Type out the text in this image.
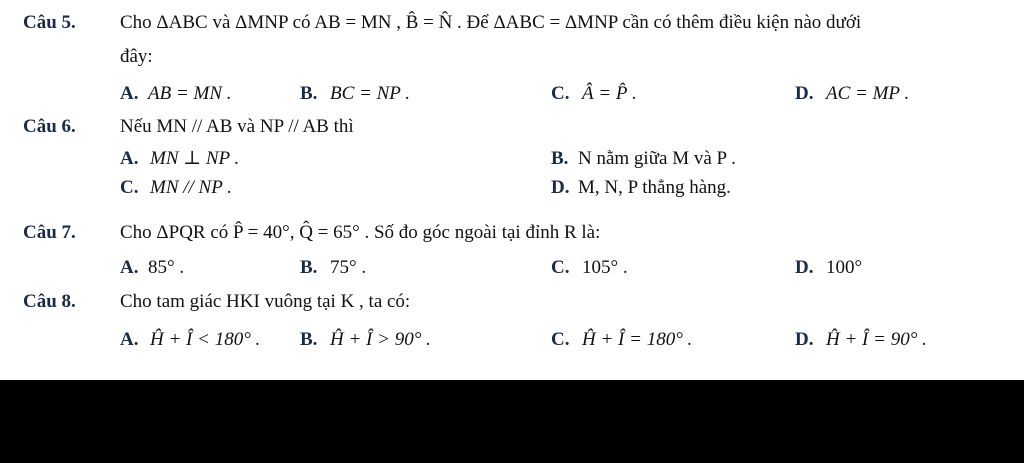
Câu 5. Cho ΔABC và ΔMNP có AB = MN , B̂ = N̂ . Để ΔABC = ΔMNP cần có thêm điều kiện nào dưới
đây:
A. AB = MN .	B. BC = NP .	C. Â = P̂ .	D. AC = MP .
Câu 6. Nếu MN // AB và NP // AB thì
A. MN ⊥ NP .	B. N nằm giữa M và P .
C. MN // NP .	D. M, N, P thẳng hàng.
Câu 7. Cho ΔPQR có P̂ = 40°, Q̂ = 65° . Số đo góc ngoài tại đỉnh R là:
A. 85° .	B. 75° .	C. 105° .	D. 100°
Câu 8. Cho tam giác HKI vuông tại K , ta có:
A. Ĥ + Î < 180° . B. Ĥ + Î > 90° .	C. Ĥ + Î = 180° .	D. Ĥ + Î = 90° .
